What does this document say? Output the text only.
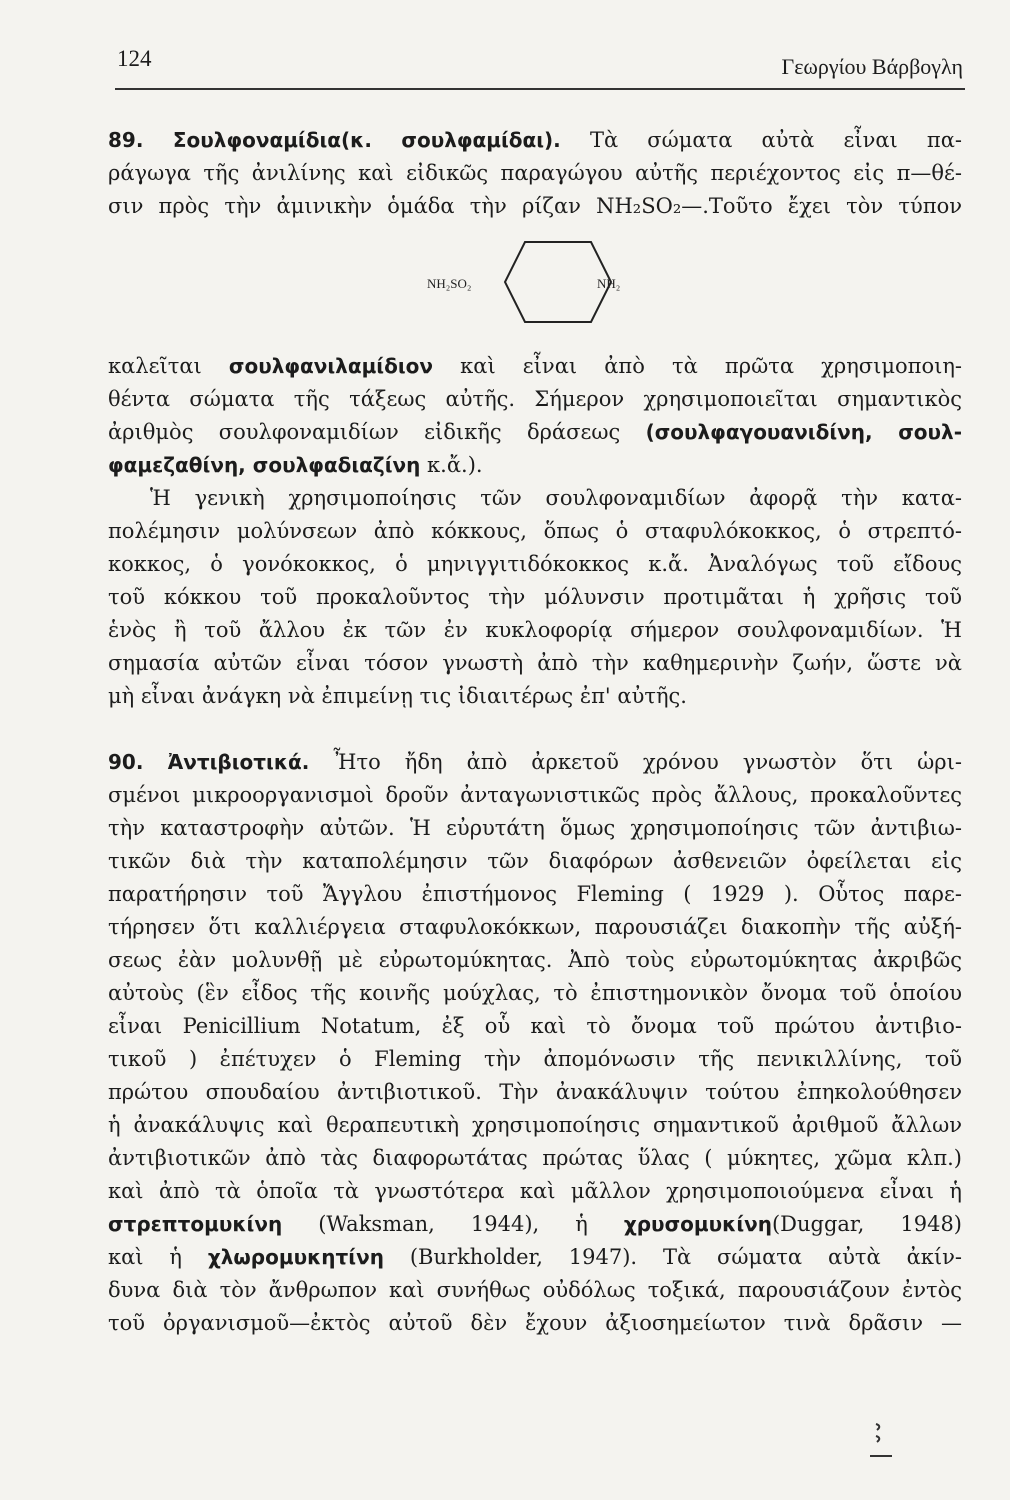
124	Γεωργίου Βάρβογλη
NH₂SO₂	NH₂
89. Σουλφοναμίδια(κ. σουλφαμίδαι). Τὰ σώματα αὐτὰ εἶναι πα-
ράγωγα τῆς ἀνιλίνης καὶ εἰδικῶς παραγώγου αὐτῆς περιέχοντος εἰς π—θέ-
σιν πρὸς τὴν ἀμινικὴν ὁμάδα τὴν ρίζαν NH₂SO₂—.Τοῦτο ἔχει τὸν τύπον
καλεῖται σουλφανιλαμίδιον καὶ εἶναι ἀπὸ τὰ πρῶτα χρησιμοποιη-
θέντα σώματα τῆς τάξεως αὐτῆς. Σήμερον χρησιμοποιεῖται σημαντικὸς
ἀριθμὸς σουλφοναμιδίων εἰδικῆς δράσεως (σουλφαγουανιδίνη, σουλ-
φαμεζαθίνη, σουλφαδιαζίνη κ.ἄ.).
Ἡ γενικὴ χρησιμοποίησις τῶν σουλφοναμιδίων ἀφορᾷ τὴν κατα-
πολέμησιν μολύνσεων ἀπὸ κόκκους, ὅπως ὁ σταφυλόκοκκος, ὁ στρεπτό-
κοκκος, ὁ γονόκοκκος, ὁ μηνιγγιτιδόκοκκος κ.ἄ. Ἀναλόγως τοῦ εἴδους
τοῦ κόκκου τοῦ προκαλοῦντος τὴν μόλυνσιν προτιμᾶται ἡ χρῆσις τοῦ
ἑνὸς ἢ τοῦ ἄλλου ἐκ τῶν ἐν κυκλοφορίᾳ σήμερον σουλφοναμιδίων. Ἡ
σημασία αὐτῶν εἶναι τόσον γνωστὴ ἀπὸ τὴν καθημερινὴν ζωήν, ὥστε νὰ
μὴ εἶναι ἀνάγκη νὰ ἐπιμείνῃ τις ἰδιαιτέρως ἐπ' αὐτῆς.
90. Ἀντιβιοτικά. Ἦτο ἤδη ἀπὸ ἀρκετοῦ χρόνου γνωστὸν ὅτι ὡρι-
σμένοι μικροοργανισμοὶ δροῦν ἀνταγωνιστικῶς πρὸς ἄλλους, προκαλοῦντες
τὴν καταστροφὴν αὐτῶν. Ἡ εὐρυτάτη ὅμως χρησιμοποίησις τῶν ἀντιβιω-
τικῶν διὰ τὴν καταπολέμησιν τῶν διαφόρων ἀσθενειῶν ὀφείλεται εἰς
παρατήρησιν τοῦ Ἄγγλου ἐπιστήμονος Fleming ( 1929 ). Οὗτος παρε-
τήρησεν ὅτι καλλιέργεια σταφυλοκόκκων, παρουσιάζει διακοπὴν τῆς αὐξή-
σεως ἐὰν μολυνθῇ μὲ εὐρωτομύκητας. Ἀπὸ τοὺς εὐρωτομύκητας ἀκριβῶς
αὐτοὺς (ἓν εἶδος τῆς κοινῆς μούχλας, τὸ ἐπιστημονικὸν ὄνομα τοῦ ὁποίου
εἶναι Penicillium Notatum, ἐξ οὗ καὶ τὸ ὄνομα τοῦ πρώτου ἀντιβιο-
τικοῦ ) ἐπέτυχεν ὁ Fleming τὴν ἀπομόνωσιν τῆς πενικιλλίνης, τοῦ
πρώτου σπουδαίου ἀντιβιοτικοῦ. Τὴν ἀνακάλυψιν τούτου ἐπηκολούθησεν
ἡ ἀνακάλυψις καὶ θεραπευτικὴ χρησιμοποίησις σημαντικοῦ ἀριθμοῦ ἄλλων
ἀντιβιοτικῶν ἀπὸ τὰς διαφορωτάτας πρώτας ὕλας ( μύκητες, χῶμα κλπ.)
καὶ ἀπὸ τὰ ὁποῖα τὰ γνωστότερα καὶ μᾶλλον χρησιμοποιούμενα εἶναι ἡ
στρεπτομυκίνη (Waksman, 1944), ἡ χρυσομυκίνη(Duggar, 1948)
καὶ ἡ χλωρομυκητίνη (Burkholder, 1947). Τὰ σώματα αὐτὰ ἀκίν-
δυνα διὰ τὸν ἄνθρωπον καὶ συνήθως οὐδόλως τοξικά, παρουσιάζουν ἐντὸς
τοῦ ὀργανισμοῦ—ἐκτὸς αὐτοῦ δὲν ἔχουν ἀξιοσημείωτον τινὰ δρᾶσιν —
